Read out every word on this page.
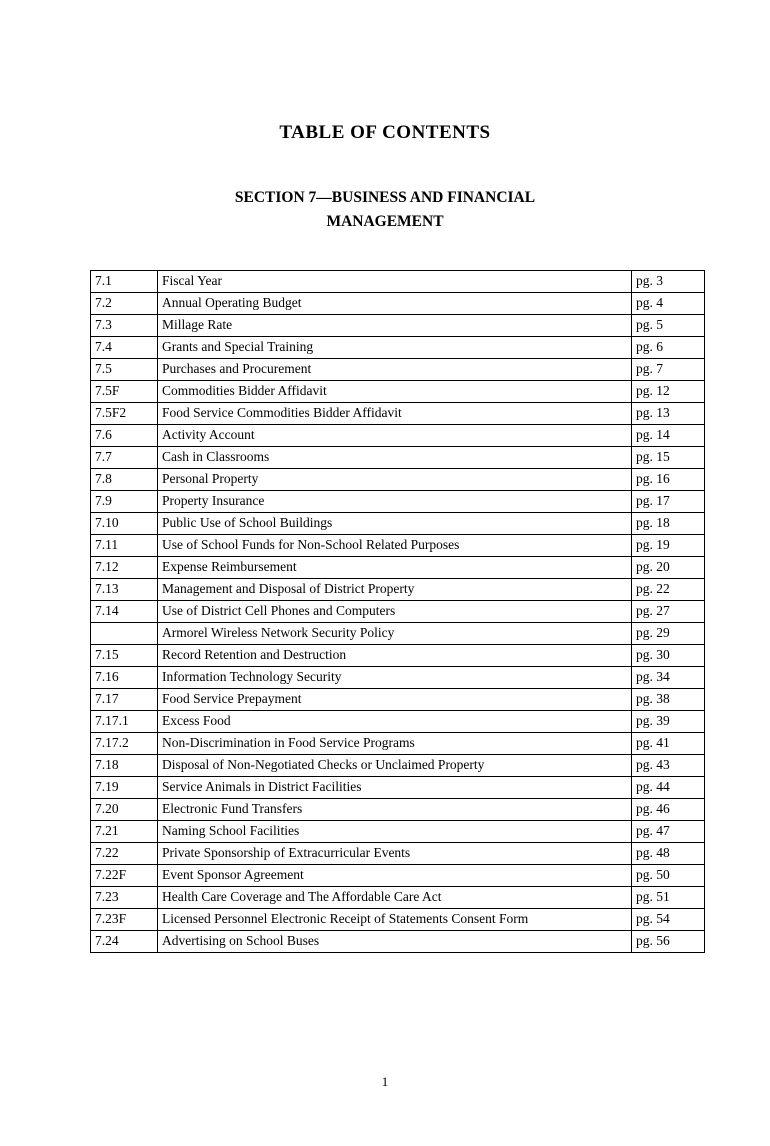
TABLE OF CONTENTS
SECTION 7—BUSINESS AND FINANCIAL
MANAGEMENT
7.1	Fiscal Year	pg. 3
7.2	Annual Operating Budget	pg. 4
7.3	Millage Rate	pg. 5
7.4	Grants and Special Training	pg. 6
7.5	Purchases and Procurement	pg. 7
7.5F	Commodities Bidder Affidavit	pg. 12
7.5F2	Food Service Commodities Bidder Affidavit	pg. 13
7.6	Activity Account	pg. 14
7.7	Cash in Classrooms	pg. 15
7.8	Personal Property	pg. 16
7.9	Property Insurance	pg. 17
7.10	Public Use of School Buildings	pg. 18
7.11	Use of School Funds for Non-School Related Purposes	pg. 19
7.12	Expense Reimbursement	pg. 20
7.13	Management and Disposal of District Property	pg. 22
7.14	Use of District Cell Phones and Computers	pg. 27
	Armorel Wireless Network Security Policy	pg. 29
7.15	Record Retention and Destruction	pg. 30
7.16	Information Technology Security	pg. 34
7.17	Food Service Prepayment	pg. 38
7.17.1	Excess Food	pg. 39
7.17.2	Non-Discrimination in Food Service Programs	pg. 41
7.18	Disposal of Non-Negotiated Checks or Unclaimed Property	pg. 43
7.19	Service Animals in District Facilities	pg. 44
7.20	Electronic Fund Transfers	pg. 46
7.21	Naming School Facilities	pg. 47
7.22	Private Sponsorship of Extracurricular Events	pg. 48
7.22F	Event Sponsor Agreement	pg. 50
7.23	Health Care Coverage and The Affordable Care Act	pg. 51
7.23F	Licensed Personnel Electronic Receipt of Statements Consent Form	pg. 54
7.24	Advertising on School Buses	pg. 56
1
